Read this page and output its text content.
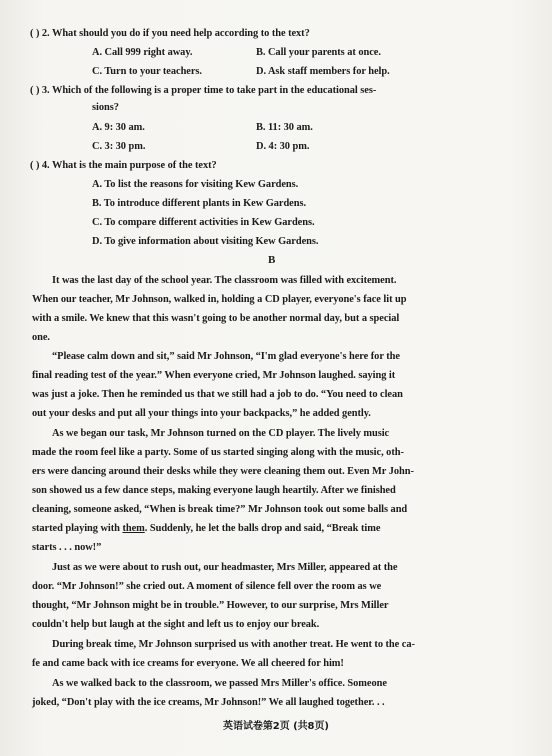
( ) 2. What should you do if you need help according to the text?
A. Call 999 right away.	B. Call your parents at once.
C. Turn to your teachers.	D. Ask staff members for help.
( ) 3. Which of the following is a proper time to take part in the educational ses-
sions?
A. 9: 30 am.	B. 11: 30 am.
C. 3: 30 pm.	D. 4: 30 pm.
( ) 4. What is the main purpose of the text?
A. To list the reasons for visiting Kew Gardens.
B. To introduce different plants in Kew Gardens.
C. To compare different activities in Kew Gardens.
D. To give information about visiting Kew Gardens.
B
It was the last day of the school year. The classroom was filled with excitement.
When our teacher, Mr Johnson, walked in, holding a CD player, everyone's face lit up
with a smile. We knew that this wasn't going to be another normal day, but a special
one.
“Please calm down and sit,” said Mr Johnson, “I'm glad everyone's here for the
final reading test of the year.” When everyone cried, Mr Johnson laughed. saying it
was just a joke. Then he reminded us that we still had a job to do. “You need to clean
out your desks and put all your things into your backpacks,” he added gently.
As we began our task, Mr Johnson turned on the CD player. The lively music
made the room feel like a party. Some of us started singing along with the music, oth-
ers were dancing around their desks while they were cleaning them out. Even Mr John-
son showed us a few dance steps, making everyone laugh heartily. After we finished
cleaning, someone asked, “When is break time?” Mr Johnson took out some balls and
started playing with them. Suddenly, he let the balls drop and said, “Break time
starts . . . now!”
Just as we were about to rush out, our headmaster, Mrs Miller, appeared at the
door. “Mr Johnson!” she cried out. A moment of silence fell over the room as we
thought, “Mr Johnson might be in trouble.” However, to our surprise, Mrs Miller
couldn't help but laugh at the sight and left us to enjoy our break.
During break time, Mr Johnson surprised us with another treat. He went to the ca-
fe and came back with ice creams for everyone. We all cheered for him!
As we walked back to the classroom, we passed Mrs Miller's office. Someone
joked, “Don't play with the ice creams, Mr Johnson!” We all laughed together. . .
英语试卷第2页 (共8页)
